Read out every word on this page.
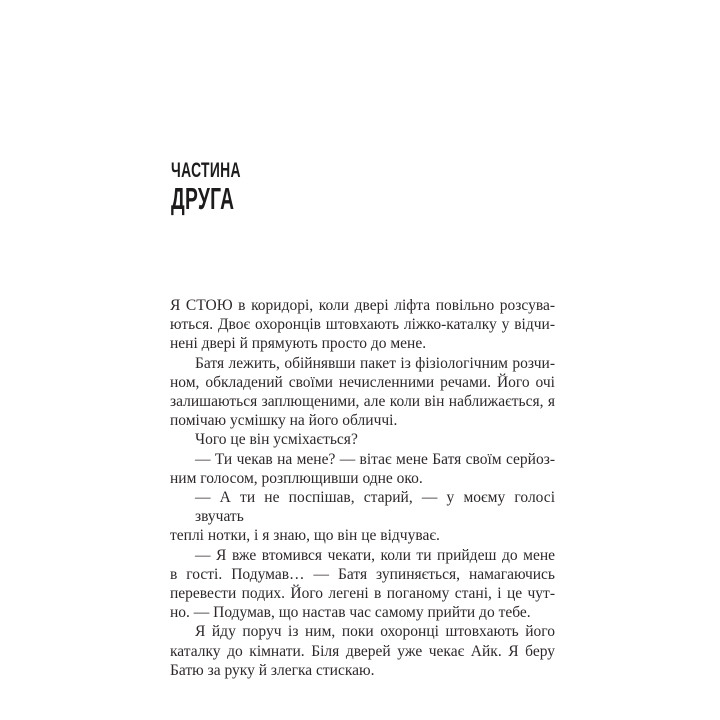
ЧАСТИНА
ДРУГА
Я СТОЮ в коридорі, коли двері ліфта повільно розсува-
ються. Двоє охоронців штовхають ліжко-каталку у відчи-
нені двері й прямують просто до мене.
Батя лежить, обійнявши пакет із фізіологічним розчи-
ном, обкладений своїми нечисленними речами. Його очі
залишаються заплющеними, але коли він наближається, я
помічаю усмішку на його обличчі.
Чого це він усміхається?
— Ти чекав на мене? — вітає мене Батя своїм серйоз-
ним голосом, розплющивши одне око.
— А ти не поспішав, старий, — у моєму голосі звучать
теплі нотки, і я знаю, що він це відчуває.
— Я вже втомився чекати, коли ти прийдеш до мене
в гості. Подумав… — Батя зупиняється, намагаючись
перевести подих. Його легені в поганому стані, і це чут-
но. — Подумав, що настав час самому прийти до тебе.
Я йду поруч із ним, поки охоронці штовхають його
каталку до кімнати. Біля дверей уже чекає Айк. Я беру
Батю за руку й злегка стискаю.
